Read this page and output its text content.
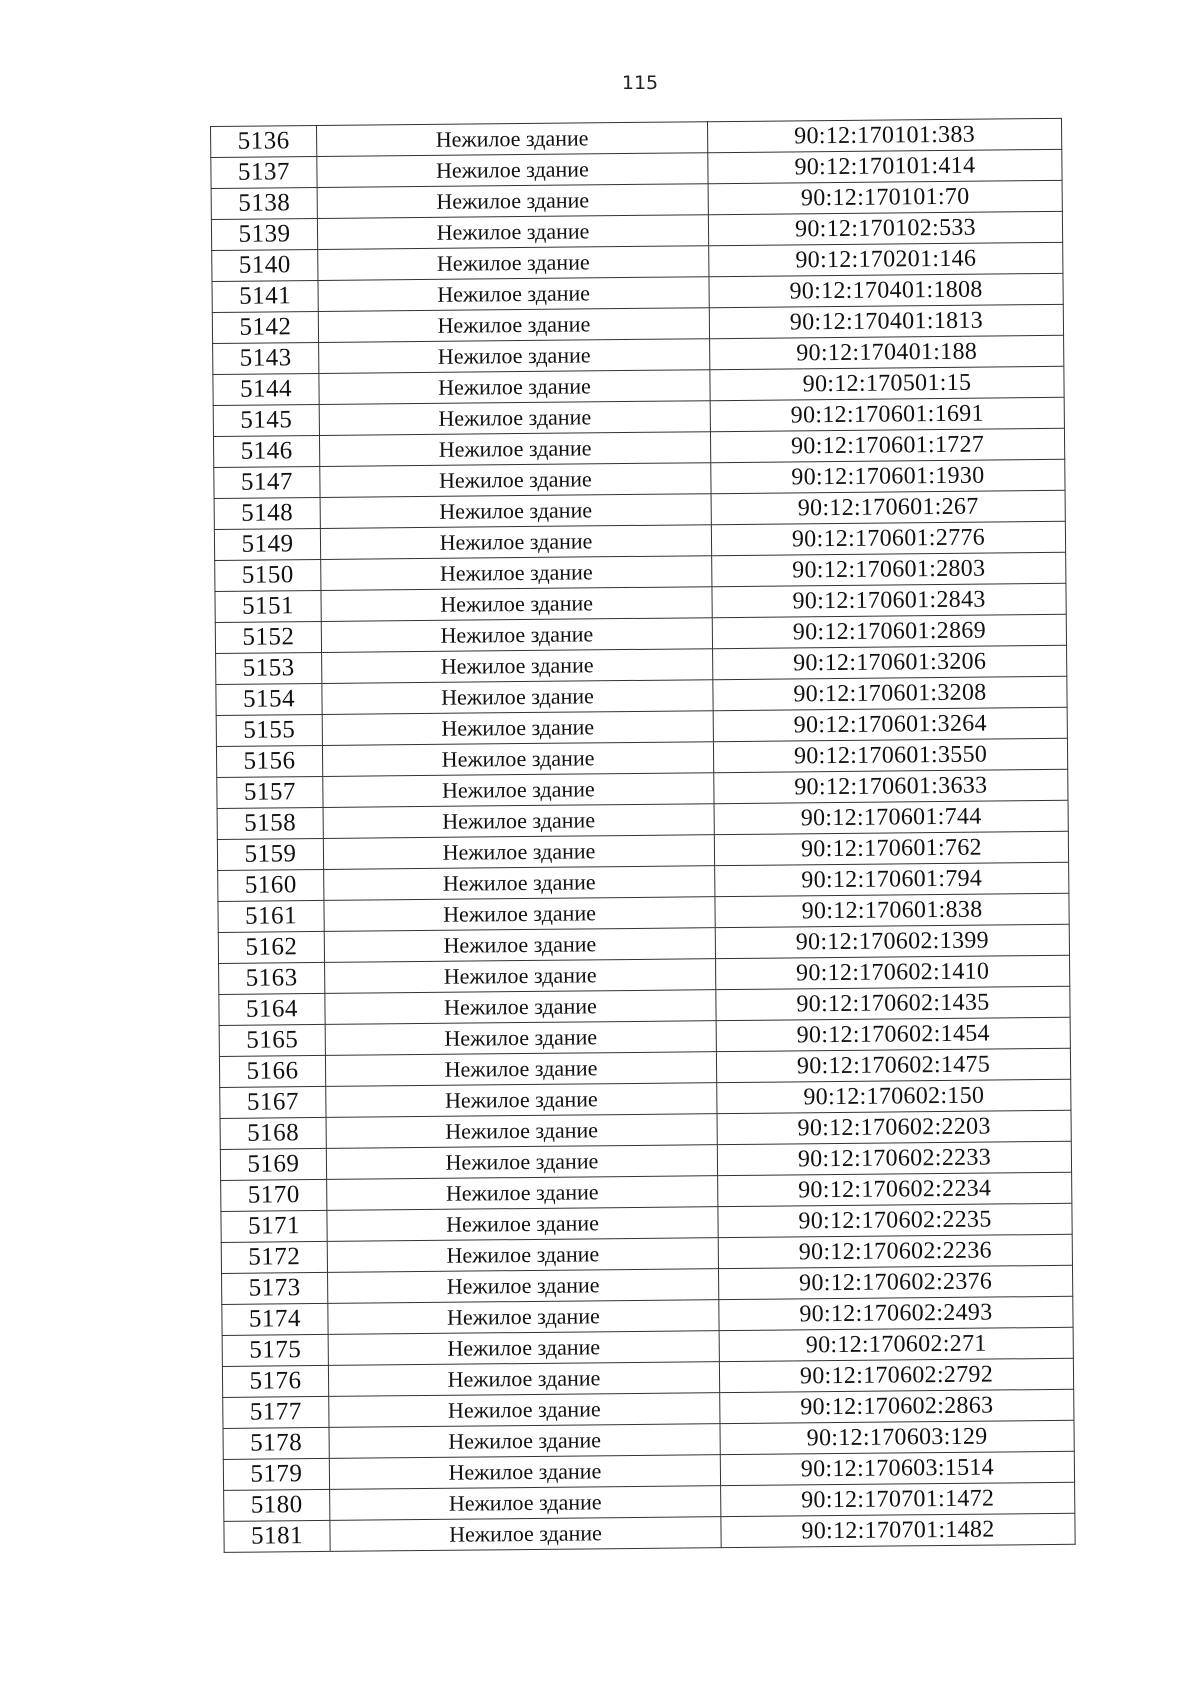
115
5136	Нежилое здание	90:12:170101:383
5137	Нежилое здание	90:12:170101:414
5138	Нежилое здание	90:12:170101:70
5139	Нежилое здание	90:12:170102:533
5140	Нежилое здание	90:12:170201:146
5141	Нежилое здание	90:12:170401:1808
5142	Нежилое здание	90:12:170401:1813
5143	Нежилое здание	90:12:170401:188
5144	Нежилое здание	90:12:170501:15
5145	Нежилое здание	90:12:170601:1691
5146	Нежилое здание	90:12:170601:1727
5147	Нежилое здание	90:12:170601:1930
5148	Нежилое здание	90:12:170601:267
5149	Нежилое здание	90:12:170601:2776
5150	Нежилое здание	90:12:170601:2803
5151	Нежилое здание	90:12:170601:2843
5152	Нежилое здание	90:12:170601:2869
5153	Нежилое здание	90:12:170601:3206
5154	Нежилое здание	90:12:170601:3208
5155	Нежилое здание	90:12:170601:3264
5156	Нежилое здание	90:12:170601:3550
5157	Нежилое здание	90:12:170601:3633
5158	Нежилое здание	90:12:170601:744
5159	Нежилое здание	90:12:170601:762
5160	Нежилое здание	90:12:170601:794
5161	Нежилое здание	90:12:170601:838
5162	Нежилое здание	90:12:170602:1399
5163	Нежилое здание	90:12:170602:1410
5164	Нежилое здание	90:12:170602:1435
5165	Нежилое здание	90:12:170602:1454
5166	Нежилое здание	90:12:170602:1475
5167	Нежилое здание	90:12:170602:150
5168	Нежилое здание	90:12:170602:2203
5169	Нежилое здание	90:12:170602:2233
5170	Нежилое здание	90:12:170602:2234
5171	Нежилое здание	90:12:170602:2235
5172	Нежилое здание	90:12:170602:2236
5173	Нежилое здание	90:12:170602:2376
5174	Нежилое здание	90:12:170602:2493
5175	Нежилое здание	90:12:170602:271
5176	Нежилое здание	90:12:170602:2792
5177	Нежилое здание	90:12:170602:2863
5178	Нежилое здание	90:12:170603:129
5179	Нежилое здание	90:12:170603:1514
5180	Нежилое здание	90:12:170701:1472
5181	Нежилое здание	90:12:170701:1482
